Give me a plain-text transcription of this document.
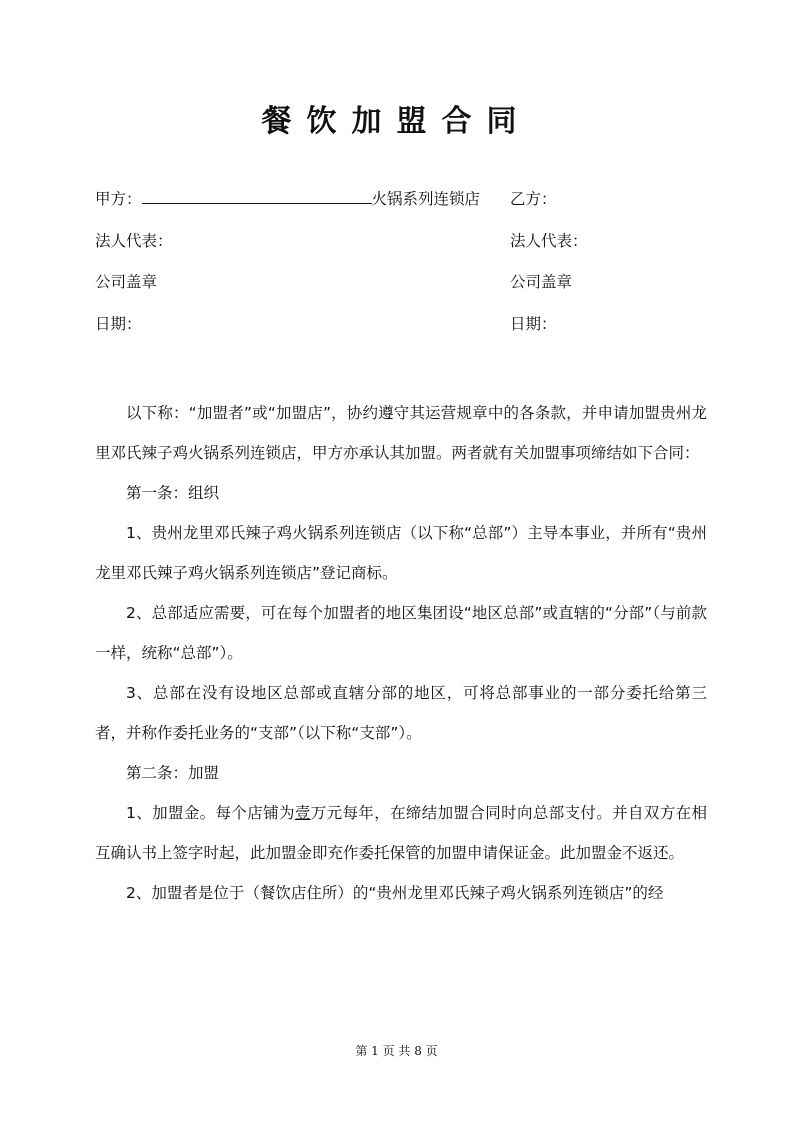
餐饮加盟合同
甲方：	火锅系列连锁店 乙方：
法人代表：	法人代表：
公司盖章	公司盖章
日期：	日期：

以下称：“加盟者”或“加盟店”，协约遵守其运营规章中的各条款，并申请加盟贵州龙里邓氏辣子鸡火锅系列连锁店，甲方亦承认其加盟。两者就有关加盟事项缔结如下合同：

第一条：组织

1、贵州龙里邓氏辣子鸡火锅系列连锁店（以下称“总部”）主导本事业，并所有“贵州龙里邓氏辣子鸡火锅系列连锁店”登记商标。

2、总部适应需要，可在每个加盟者的地区集团设“地区总部”或直辖的“分部”（与前款一样，统称“总部”）。

3、总部在没有设地区总部或直辖分部的地区，可将总部事业的一部分委托给第三者，并称作委托业务的“支部”（以下称“支部”）。

第二条：加盟

1、加盟金。每个店铺为壹万元每年，在缔结加盟合同时向总部支付。并自双方在相互确认书上签字时起，此加盟金即充作委托保管的加盟申请保证金。此加盟金不返还。

2、加盟者是位于（餐饮店住所）的“贵州龙里邓氏辣子鸡火锅系列连锁店”的经

第 1 页 共 8 页
